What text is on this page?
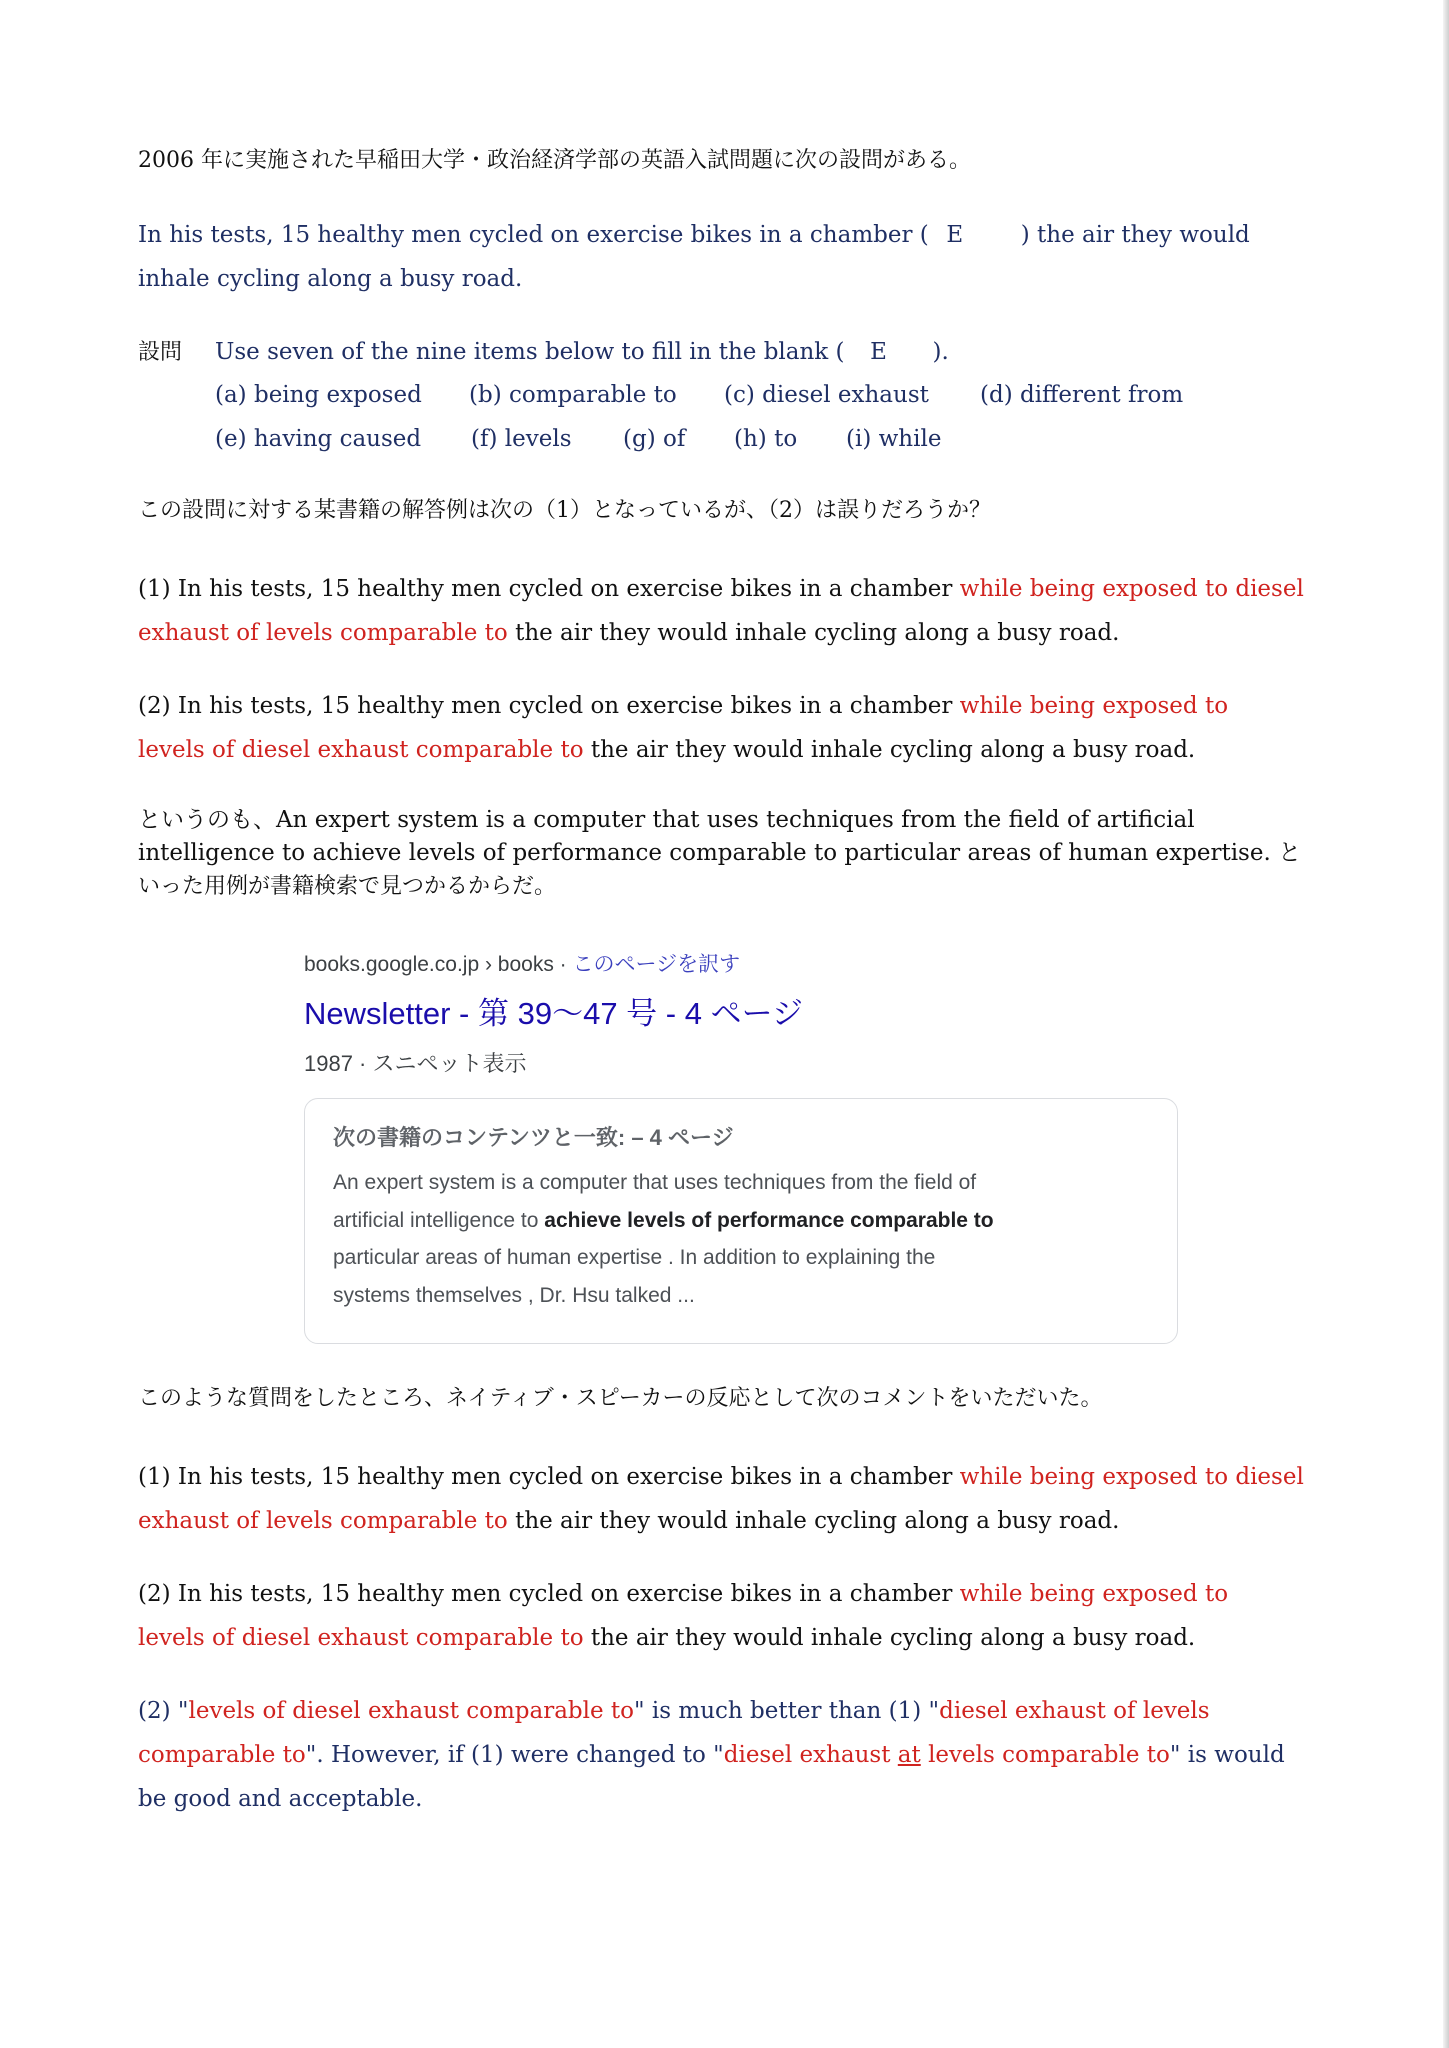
2006 年に実施された早稲田大学・政治経済学部の英語入試問題に次の設問がある。
In his tests, 15 healthy men cycled on exercise bikes in a chamber ( E	) the air they would
inhale cycling along a busy road.
設問 Use seven of the nine items below to fill in the blank ( E ).
(a) being exposed (b) comparable to (c) diesel exhaust (d) different from
(e) having caused (f) levels (g) of (h) to (i) while
この設問に対する某書籍の解答例は次の（1）となっているが、（2）は誤りだろうか？
(1) In his tests, 15 healthy men cycled on exercise bikes in a chamber while being exposed to diesel
exhaust of levels comparable to the air they would inhale cycling along a busy road.
(2) In his tests, 15 healthy men cycled on exercise bikes in a chamber while being exposed to
levels of diesel exhaust comparable to the air they would inhale cycling along a busy road.
というのも、An expert system is a computer that uses techniques from the field of artificial
intelligence to achieve levels of performance comparable to particular areas of human expertise. と
いった用例が書籍検索で見つかるからだ。
このような質問をしたところ、ネイティブ・スピーカーの反応として次のコメントをいただいた。
(1) In his tests, 15 healthy men cycled on exercise bikes in a chamber while being exposed to diesel
exhaust of levels comparable to the air they would inhale cycling along a busy road.
(2) In his tests, 15 healthy men cycled on exercise bikes in a chamber while being exposed to
levels of diesel exhaust comparable to the air they would inhale cycling along a busy road.
(2) "levels of diesel exhaust comparable to" is much better than (1) "diesel exhaust of levels
comparable to". However, if (1) were changed to "diesel exhaust at levels comparable to" is would
be good and acceptable.
books.google.co.jp › books · このページを訳す
Newsletter - 第 39〜47 号 - 4 ページ
1987 · スニペット表示
次の書籍のコンテンツと一致: – 4 ページ
An expert system is a computer that uses techniques from the field of
artificial intelligence to achieve levels of performance comparable to
particular areas of human expertise . In addition to explaining the
systems themselves , Dr. Hsu talked ...
